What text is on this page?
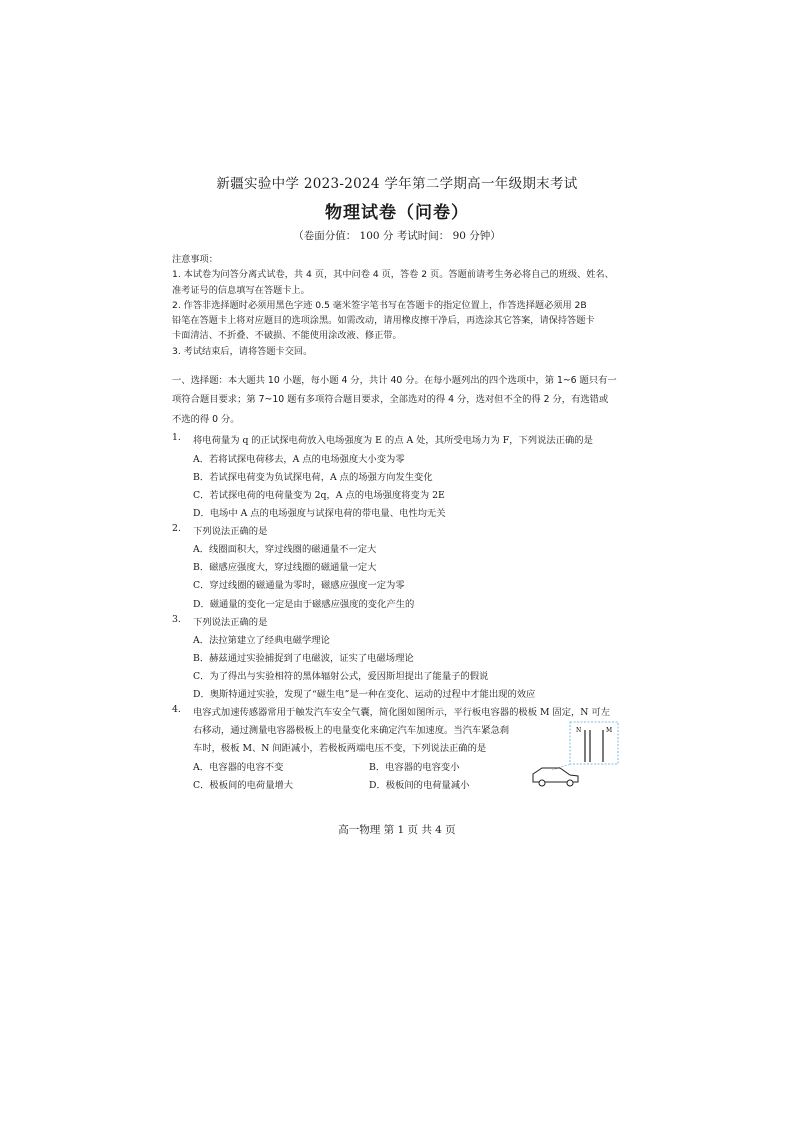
新疆实验中学 2023-2024 学年第二学期高一年级期末考试
物理试卷（问卷）
（卷面分值： 100 分 考试时间： 90 分钟）
注意事项：
1. 本试卷为问答分离式试卷，共 4 页，其中问卷 4 页，答卷 2 页。答题前请考生务必将自己的班级、姓名、
准考证号的信息填写在答题卡上。
2. 作答非选择题时必须用黑色字迹 0.5 毫米签字笔书写在答题卡的指定位置上，作答选择题必须用 2B
铅笔在答题卡上将对应题目的选项涂黑。如需改动，请用橡皮擦干净后，再选涂其它答案，请保持答题卡
卡面清洁、不折叠、不破损、不能使用涂改液、修正带。
3. 考试结束后，请将答题卡交回。
一、选择题：本大题共 10 小题，每小题 4 分，共计 40 分。在每小题列出的四个选项中，第 1~6 题只有一
项符合题目要求；第 7~10 题有多项符合题目要求，全部选对的得 4 分，选对但不全的得 2 分，有选错或
不选的得 0 分。
1. 将电荷量为 q 的正试探电荷放入电场强度为 E 的点 A 处，其所受电场力为 F，下列说法正确的是
A．若将试探电荷移去，A 点的电场强度大小变为零
B．若试探电荷变为负试探电荷，A 点的场强方向发生变化
C．若试探电荷的电荷量变为 2q，A 点的电场强度将变为 2E
D．电场中 A 点的电场强度与试探电荷的带电量、电性均无关
2. 下列说法正确的是
A．线圈面积大，穿过线圈的磁通量不一定大
B．磁感应强度大，穿过线圈的磁通量一定大
C．穿过线圈的磁通量为零时，磁感应强度一定为零
D．磁通量的变化一定是由于磁感应强度的变化产生的
3. 下列说法正确的是
A．法拉第建立了经典电磁学理论
B．赫兹通过实验捕捉到了电磁波，证实了电磁场理论
C．为了得出与实验相符的黑体辐射公式，爱因斯坦提出了能量子的假说
D．奥斯特通过实验，发现了“磁生电”是一种在变化、运动的过程中才能出现的效应
4. 电容式加速传感器常用于触发汽车安全气囊，简化图如图所示，平行板电容器的极板 M 固定，N 可左
右移动，通过测量电容器极板上的电量变化来确定汽车加速度。当汽车紧急刹
车时，极板 M、N 间距减小，若极板两端电压不变，下列说法正确的是
A．电容器的电容不变	B．电容器的电容变小
C．极板间的电荷量增大	D．极板间的电荷量减小
N	M
高一物理 第 1 页 共 4 页
